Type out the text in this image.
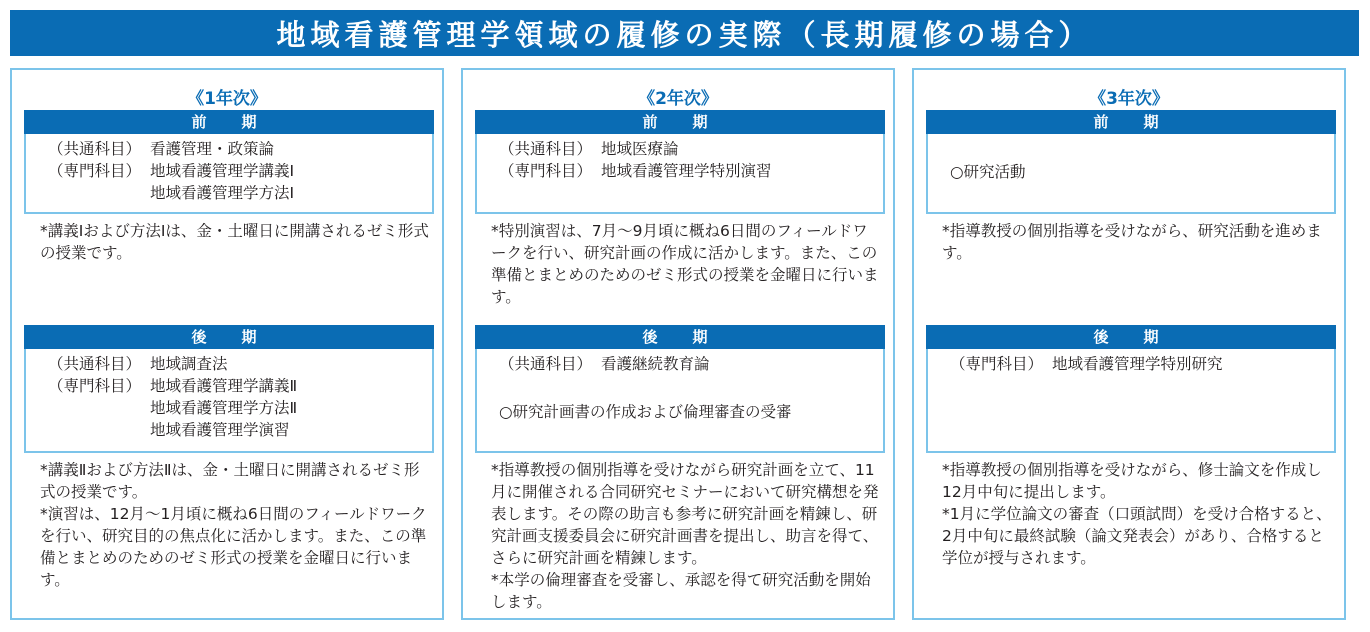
地域看護管理学領域の履修の実際（長期履修の場合）
《1年次》
前　期
（共通科目） 看護管理・政策論
（専門科目） 地域看護管理学講義Ⅰ
地域看護管理学方法Ⅰ

*講義Ⅰおよび方法Ⅰは、金・土曜日に開講されるゼミ形式の授業です。

後　期
（共通科目） 地域調査法
（専門科目） 地域看護管理学講義Ⅱ
地域看護管理学方法Ⅱ
地域看護管理学演習

*講義Ⅱおよび方法Ⅱは、金・土曜日に開講されるゼミ形式の授業です。

*演習は、12月～1月頃に概ね6日間のフィールドワークを行い、研究目的の焦点化に活かします。また、この準備とまとめのためのゼミ形式の授業を金曜日に行います。

《2年次》
前　期
（共通科目） 地域医療論
（専門科目） 地域看護管理学特別演習

*特別演習は、7月～9月頃に概ね6日間のフィールドワークを行い、研究計画の作成に活かします。また、この準備とまとめのためのゼミ形式の授業を金曜日に行います。

後　期
（共通科目） 看護継続教育論
○研究計画書の作成および倫理審査の受審

*指導教授の個別指導を受けながら研究計画を立て、11月に開催される合同研究セミナーにおいて研究構想を発表します。その際の助言も参考に研究計画を精錬し、研究計画支援委員会に研究計画書を提出し、助言を得て、さらに研究計画を精錬します。

*本学の倫理審査を受審し、承認を得て研究活動を開始します。

《3年次》
前　期
○研究活動

*指導教授の個別指導を受けながら、研究活動を進めます。

後　期
（専門科目） 地域看護管理学特別研究

*指導教授の個別指導を受けながら、修士論文を作成し12月中旬に提出します。

*1月に学位論文の審査（口頭試問）を受け合格すると、2月中旬に最終試験（論文発表会）があり、合格すると学位が授与されます。
